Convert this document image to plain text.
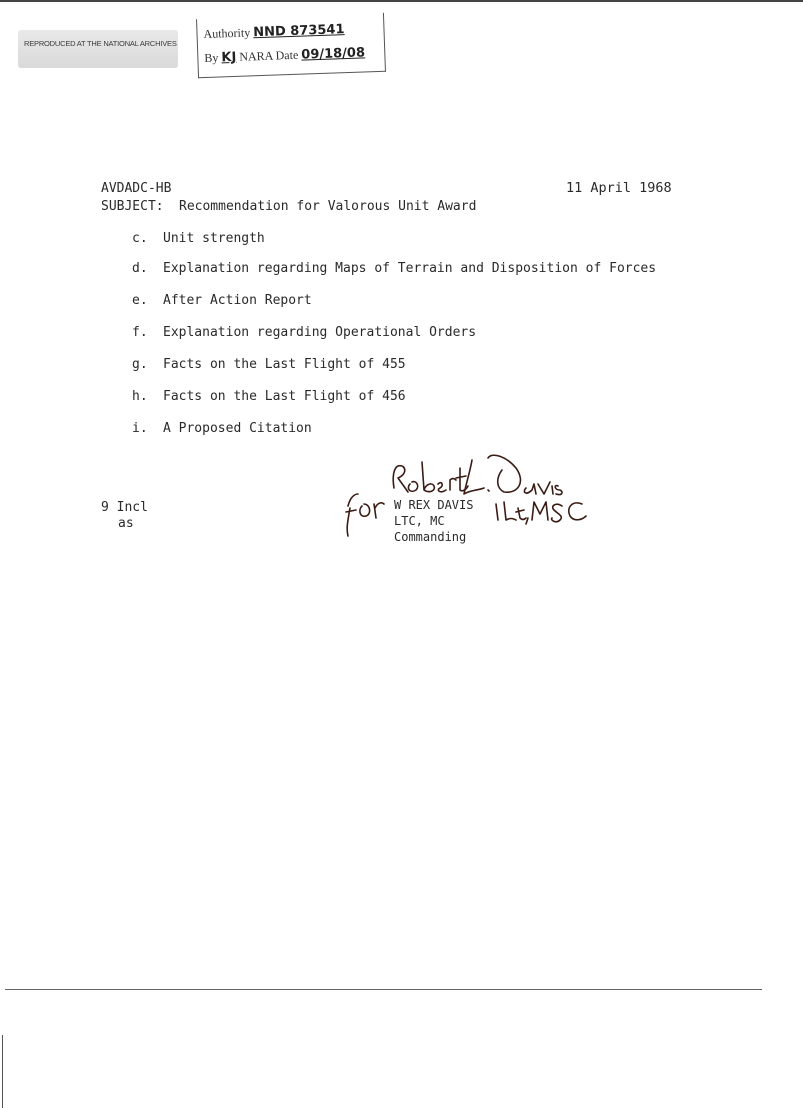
REPRODUCED AT THE NATIONAL ARCHIVES
Authority NND 873541
By KJ NARA Date 09/18/08
AVDADC-HB	11 April 1968
SUBJECT: Recommendation for Valorous Unit Award
c. Unit strength
d. Explanation regarding Maps of Terrain and Disposition of Forces
e. After Action Report
f. Explanation regarding Operational Orders
g. Facts on the Last Flight of 455
h. Facts on the Last Flight of 456
i. A Proposed Citation
9 Incl
as
W REX DAVIS
LTC, MC
Commanding
